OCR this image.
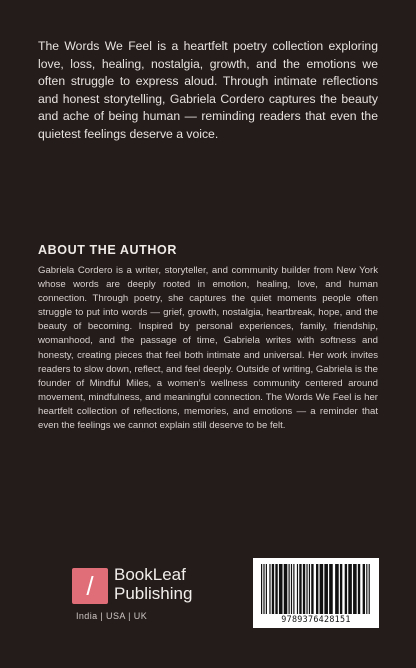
The Words We Feel is a heartfelt poetry collection exploring love, loss, healing, nostalgia, growth, and the emotions we often struggle to express aloud. Through intimate reflections and honest storytelling, Gabriela Cordero captures the beauty and ache of being human — reminding readers that even the quietest feelings deserve a voice.

ABOUT THE AUTHOR

Gabriela Cordero is a writer, storyteller, and community builder from New York whose words are deeply rooted in emotion, healing, love, and human connection. Through poetry, she captures the quiet moments people often struggle to put into words — grief, growth, nostalgia, heartbreak, hope, and the beauty of becoming. Inspired by personal experiences, family, friendship, womanhood, and the passage of time, Gabriela writes with softness and honesty, creating pieces that feel both intimate and universal. Her work invites readers to slow down, reflect, and feel deeply. Outside of writing, Gabriela is the founder of Mindful Miles, a women’s wellness community centered around movement, mindfulness, and meaningful connection. The Words We Feel is her heartfelt collection of reflections, memories, and emotions — a reminder that even the feelings we cannot explain still deserve to be felt.

/	BookLeaf
Publishing
India | USA | UK	9789376428151
